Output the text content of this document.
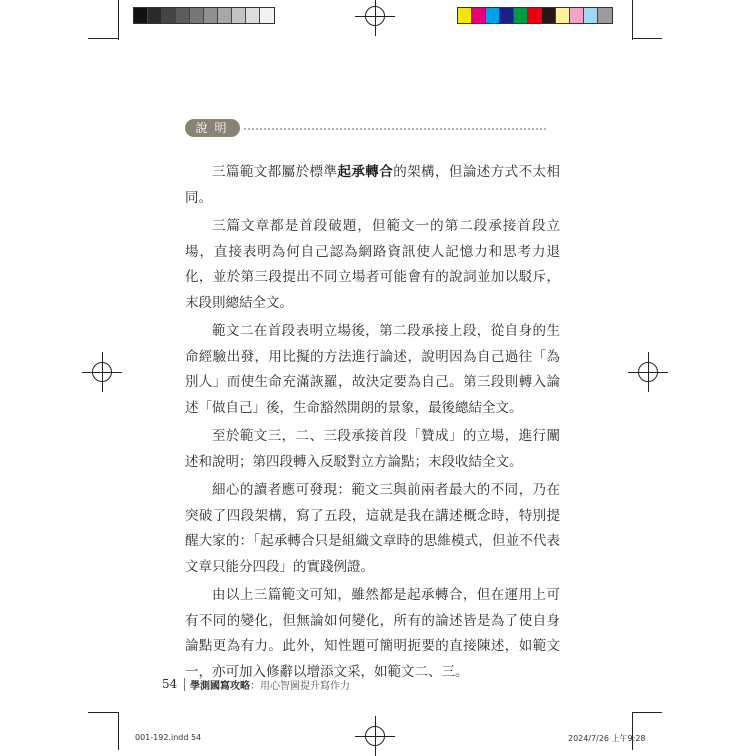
說明

三篇範文都屬於標準起承轉合的架構，但論述方式不太相同。

三篇文章都是首段破題，但範文一的第二段承接首段立場，直接表明為何自己認為網路資訊使人記憶力和思考力退化，並於第三段提出不同立場者可能會有的說詞並加以駁斥，末段則總結全文。

範文二在首段表明立場後，第二段承接上段，從自身的生命經驗出發，用比擬的方法進行論述，說明因為自己過往「為別人」而使生命充滿詼羅，故決定要為自己。第三段則轉入論述「做自己」後，生命豁然開朗的景象，最後總結全文。

至於範文三，二、三段承接首段「贊成」的立場，進行闡述和說明；第四段轉入反駁對立方論點；末段收結全文。

細心的讀者應可發現：範文三與前兩者最大的不同，乃在突破了四段架構，寫了五段，這就是我在講述概念時，特別提醒大家的：「起承轉合只是組織文章時的思維模式，但並不代表文章只能分四段」的實踐例證。

由以上三篇範文可知，雖然都是起承轉合，但在運用上可有不同的變化，但無論如何變化，所有的論述皆是為了使自身論點更為有力。此外，知性題可簡明扼要的直接陳述，如範文一，亦可加入修辭以增添文采，如範文二、三。

54 學測國寫攻略：用心智圖提升寫作力
001-192.indd 54	2024/7/26 上午9:28
